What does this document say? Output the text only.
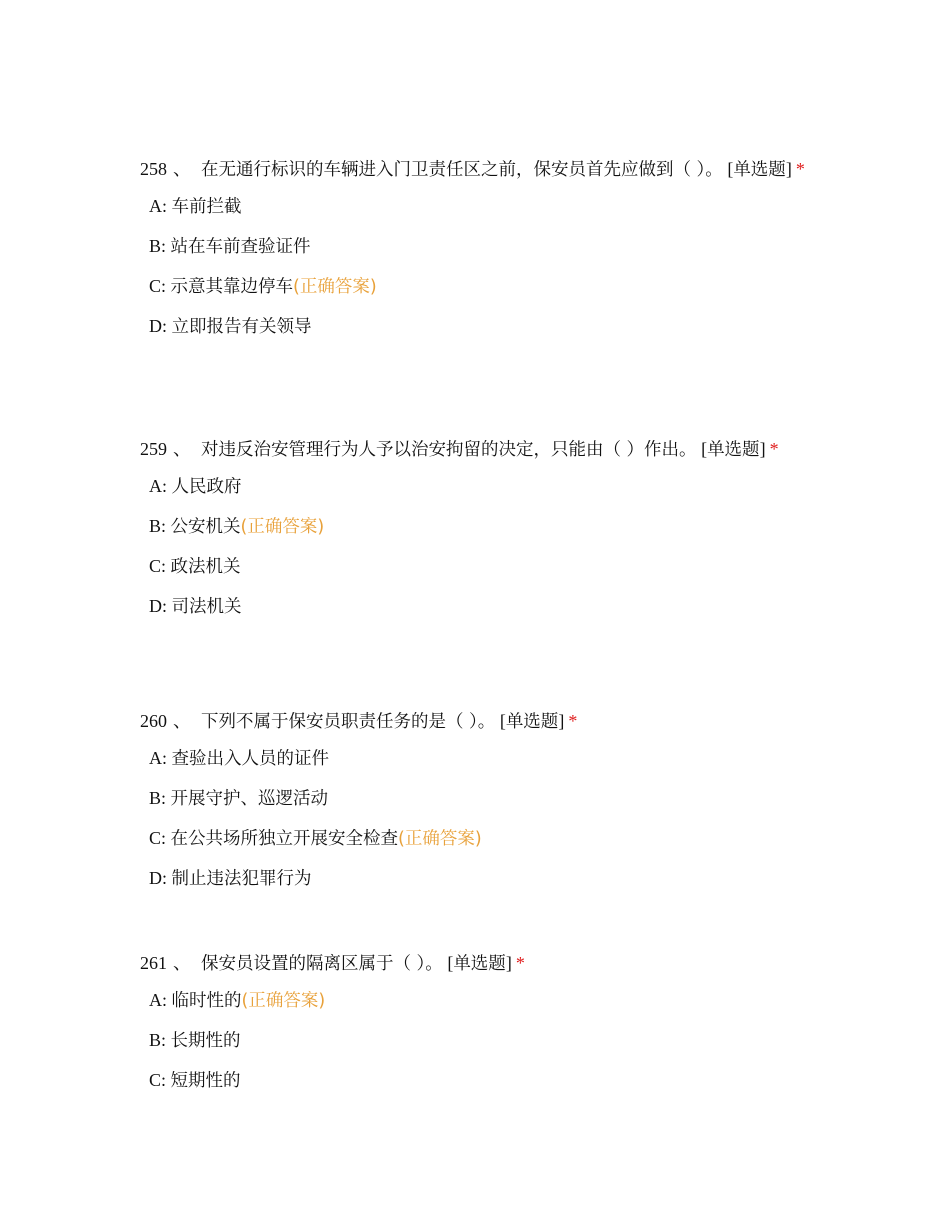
258 、 在无通行标识的车辆进入门卫责任区之前，保安员首先应做到（ ）。 [单选题] *

A: 车前拦截
B: 站在车前查验证件
C: 示意其靠边停车(正确答案)
D: 立即报告有关领导

259 、 对违反治安管理行为人予以治安拘留的决定，只能由（ ）作出。 [单选题] *

A: 人民政府
B: 公安机关(正确答案)
C: 政法机关
D: 司法机关

260 、 下列不属于保安员职责任务的是（ ）。 [单选题] *

A: 查验出入人员的证件
B: 开展守护、巡逻活动
C: 在公共场所独立开展安全检查(正确答案)
D: 制止违法犯罪行为

261 、 保安员设置的隔离区属于（ ）。 [单选题] *

A: 临时性的(正确答案)
B: 长期性的
C: 短期性的
